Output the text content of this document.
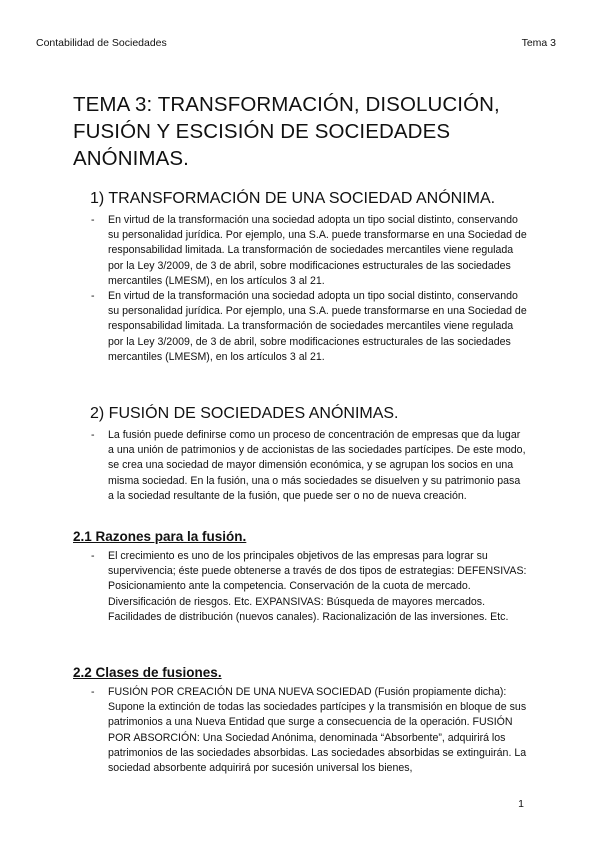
Contabilidad de Sociedades	Tema 3
TEMA 3: TRANSFORMACIÓN, DISOLUCIÓN, FUSIÓN Y ESCISIÓN DE SOCIEDADES ANÓNIMAS.
1) TRANSFORMACIÓN DE UNA SOCIEDAD ANÓNIMA.
- En virtud de la transformación una sociedad adopta un tipo social distinto, conservando su personalidad jurídica. Por ejemplo, una S.A. puede transformarse en una Sociedad de responsabilidad limitada. La transformación de sociedades mercantiles viene regulada por la Ley 3/2009, de 3 de abril, sobre modificaciones estructurales de las sociedades mercantiles (LMESM), en los artículos 3 al 21.
- En virtud de la transformación una sociedad adopta un tipo social distinto, conservando su personalidad jurídica. Por ejemplo, una S.A. puede transformarse en una Sociedad de responsabilidad limitada. La transformación de sociedades mercantiles viene regulada por la Ley 3/2009, de 3 de abril, sobre modificaciones estructurales de las sociedades mercantiles (LMESM), en los artículos 3 al 21.
2) FUSIÓN DE SOCIEDADES ANÓNIMAS.
- La fusión puede definirse como un proceso de concentración de empresas que da lugar a una unión de patrimonios y de accionistas de las sociedades partícipes. De este modo, se crea una sociedad de mayor dimensión económica, y se agrupan los socios en una misma sociedad. En la fusión, una o más sociedades se disuelven y su patrimonio pasa a la sociedad resultante de la fusión, que puede ser o no de nueva creación.
2.1 Razones para la fusión.
- El crecimiento es uno de los principales objetivos de las empresas para lograr su supervivencia; éste puede obtenerse a través de dos tipos de estrategias: DEFENSIVAS: Posicionamiento ante la competencia. Conservación de la cuota de mercado. Diversificación de riesgos. Etc. EXPANSIVAS: Búsqueda de mayores mercados. Facilidades de distribución (nuevos canales). Racionalización de las inversiones. Etc.
2.2 Clases de fusiones.
- FUSIÓN POR CREACIÓN DE UNA NUEVA SOCIEDAD (Fusión propiamente dicha): Supone la extinción de todas las sociedades partícipes y la transmisión en bloque de sus patrimonios a una Nueva Entidad que surge a consecuencia de la operación. FUSIÓN POR ABSORCIÓN: Una Sociedad Anónima, denominada “Absorbente”, adquirirá los patrimonios de las sociedades absorbidas. Las sociedades absorbidas se extinguirán. La sociedad absorbente adquirirá por sucesión universal los bienes,
1
